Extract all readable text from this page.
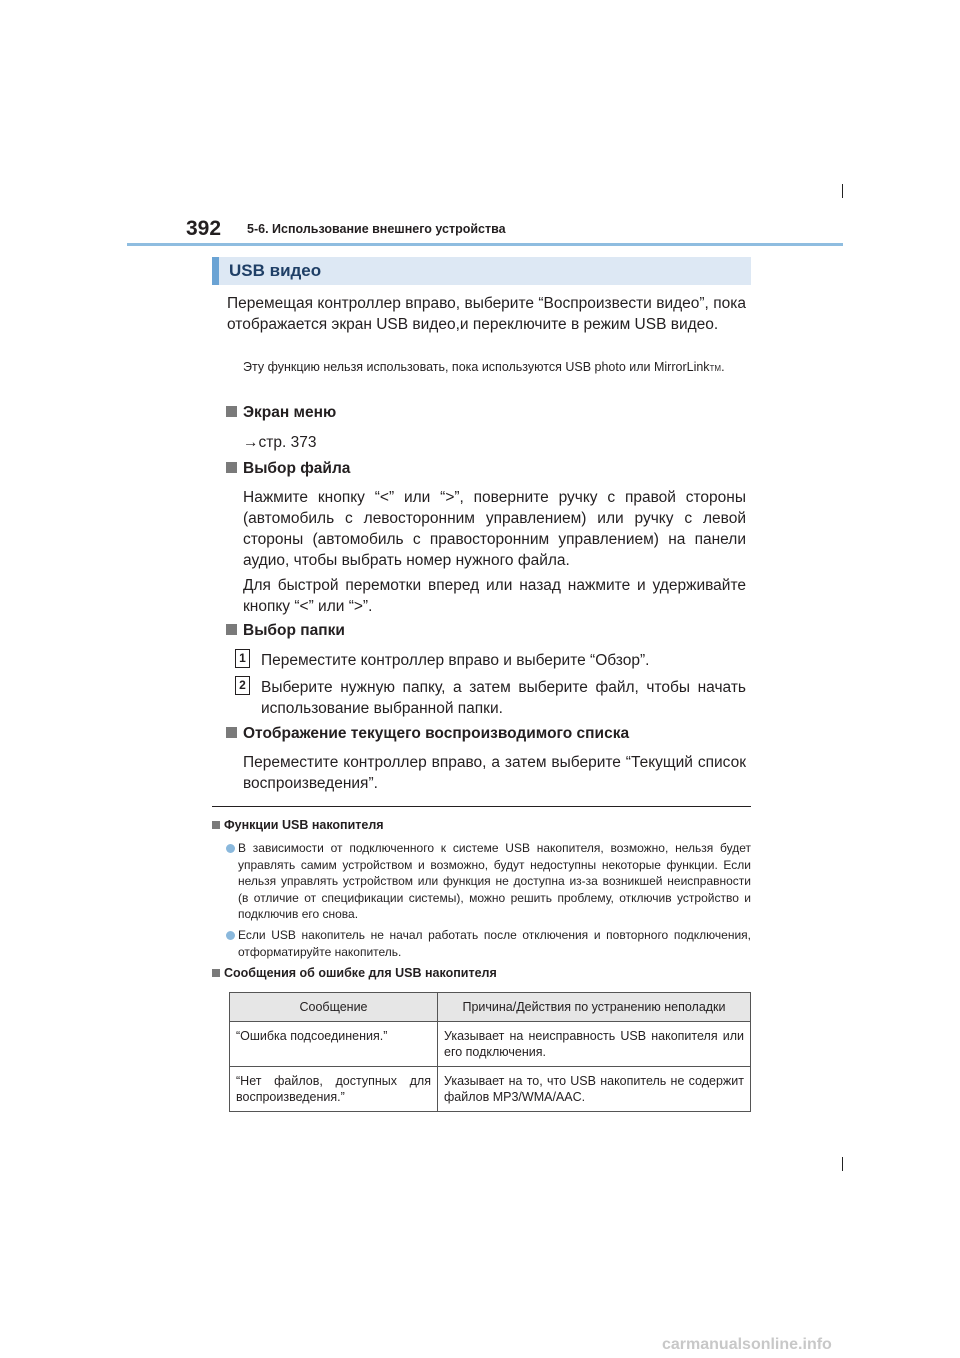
392 5-6. Использование внешнего устройства
USB видео
Перемещая контроллер вправо, выберите “Воспроизвести видео”, пока отображается экран USB видео,и переключите в режим USB видео.
Эту функцию нельзя использовать, пока используются USB photo или MirrorLinkTM.
Экран меню
→стр. 373
Выбор файла
Нажмите кнопку “<” или “>”, поверните ручку с правой стороны (автомобиль с левосторонним управлением) или ручку с левой стороны (автомобиль с правосторонним управлением) на панели аудио, чтобы выбрать номер нужного файла.
Для быстрой перемотки вперед или назад нажмите и удерживайте кнопку “<” или “>”.
Выбор папки
1 Переместите контроллер вправо и выберите “Обзор”.
2 Выберите нужную папку, а затем выберите файл, чтобы начать использование выбранной папки.
Отображение текущего воспроизводимого списка
Переместите контроллер вправо, а затем выберите “Текущий список воспроизведения”.
Функции USB накопителя
В зависимости от подключенного к системе USB накопителя, возможно, нельзя будет управлять самим устройством и возможно, будут недоступны некоторые функции. Если нельзя управлять устройством или функция не доступна из-за возникшей неисправности (в отличие от спецификации системы), можно решить проблему, отключив устройство и подключив его снова.
Если USB накопитель не начал работать после отключения и повторного подключения, отформатируйте накопитель.
Сообщения об ошибке для USB накопителя
Сообщение	Причина/Действия по устранению неполадки
“Ошибка подсоединения.”	Указывает на неисправность USB накопителя или его подключения.
“Нет файлов, доступных для воспроизведения.”	Указывает на то, что USB накопитель не содержит файлов MP3/WMA/AAC.
carmanualsonline.info
